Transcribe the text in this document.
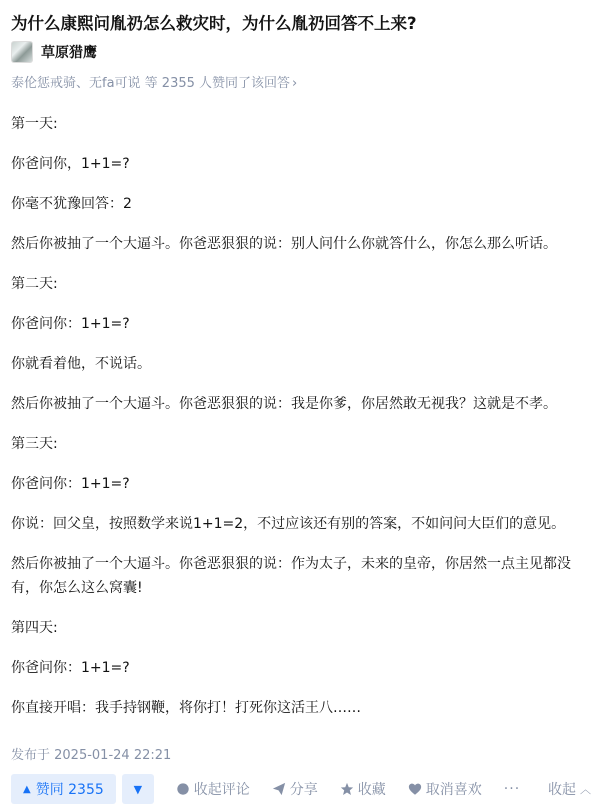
为什么康熙问胤礽怎么救灾时，为什么胤礽回答不上来?
草原猎鹰
泰伦惩戒骑、无fa可说 等 2355 人赞同了该回答 ›

第一天:

你爸问你，1+1=?

你毫不犹豫回答：2

然后你被抽了一个大逼斗。你爸恶狠狠的说：别人问什么你就答什么，你怎么那么听话。

第二天:

你爸问你：1+1=?

你就看着他，不说话。

然后你被抽了一个大逼斗。你爸恶狠狠的说：我是你爹，你居然敢无视我？这就是不孝。

第三天:

你爸问你：1+1=?

你说：回父皇，按照数学来说1+1=2，不过应该还有别的答案，不如问问大臣们的意见。

然后你被抽了一个大逼斗。你爸恶狠狠的说：作为太子，未来的皇帝，你居然一点主见都没有，你怎么这么窝囊!

第四天:

你爸问你：1+1=?

你直接开唱：我手持钢鞭，将你打！打死你这活王八……

发布于 2025-01-24 22:21
▲ 赞同 2355	▼	收起评论	分享	收藏	取消喜欢 ··· 收起 ︿
